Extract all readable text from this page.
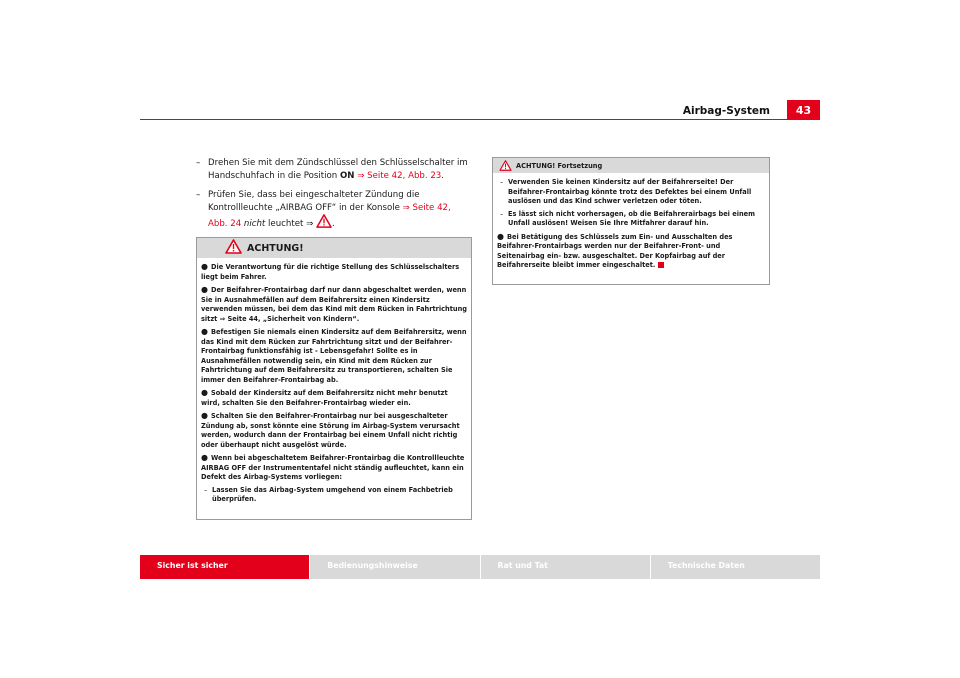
Airbag-System	43
– Drehen Sie mit dem Zündschlüssel den Schlüsselschalter im Handschuhfach in die Position ON ⇒ Seite 42, Abb. 23.
– Prüfen Sie, dass bei eingeschalteter Zündung die Kontrollleuchte „AIRBAG OFF“ in der Konsole ⇒ Seite 42, Abb. 24 nicht leuchtet ⇒ .
ACHTUNG!

● Die Verantwortung für die richtige Stellung des Schlüsselschalters liegt beim Fahrer.

● Der Beifahrer-Frontairbag darf nur dann abgeschaltet werden, wenn Sie in Ausnahmefällen auf dem Beifahrersitz einen Kindersitz verwenden müssen, bei dem das Kind mit dem Rücken in Fahrtrichtung sitzt ⇒ Seite 44, „Sicherheit von Kindern“.

● Befestigen Sie niemals einen Kindersitz auf dem Beifahrersitz, wenn das Kind mit dem Rücken zur Fahrtrichtung sitzt und der Beifahrer-Frontairbag funktionsfähig ist - Lebensgefahr! Sollte es in Ausnahmefällen notwendig sein, ein Kind mit dem Rücken zur Fahrtrichtung auf dem Beifahrersitz zu transportieren, schalten Sie immer den Beifahrer-Frontairbag ab.

● Sobald der Kindersitz auf dem Beifahrersitz nicht mehr benutzt wird, schalten Sie den Beifahrer-Frontairbag wieder ein.

● Schalten Sie den Beifahrer-Frontairbag nur bei ausgeschalteter Zündung ab, sonst könnte eine Störung im Airbag-System verursacht werden, wodurch dann der Frontairbag bei einem Unfall nicht richtig oder überhaupt nicht ausgelöst würde.

● Wenn bei abgeschaltetem Beifahrer-Frontairbag die Kontrollleuchte AIRBAG OFF der Instrumententafel nicht ständig aufleuchtet, kann ein Defekt des Airbag-Systems vorliegen:

– Lassen Sie das Airbag-System umgehend von einem Fachbetrieb überprüfen.

ACHTUNG! Fortsetzung

– Verwenden Sie keinen Kindersitz auf der Beifahrerseite! Der Beifahrer-Frontairbag könnte trotz des Defektes bei einem Unfall auslösen und das Kind schwer verletzen oder töten.

– Es lässt sich nicht vorhersagen, ob die Beifahrerairbags bei einem Unfall auslösen! Weisen Sie Ihre Mitfahrer darauf hin.

● Bei Betätigung des Schlüssels zum Ein- und Ausschalten des Beifahrer-Frontairbags werden nur der Beifahrer-Front- und Seitenairbag ein- bzw. ausgeschaltet. Der Kopfairbag auf der Beifahrerseite bleibt immer eingeschaltet.

Sicher ist sicher	Bedienungshinweise	Rat und Tat	Technische Daten
